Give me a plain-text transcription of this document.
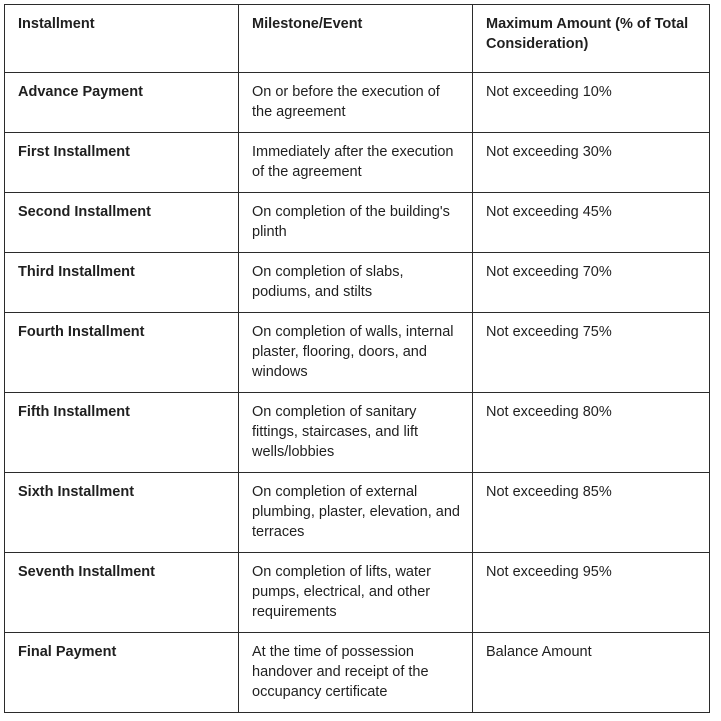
Installment	Milestone/Event	Maximum Amount (% of Total Consideration)
Advance Payment	On or before the execution of the agreement	Not exceeding 10%
First Installment	Immediately after the execution of the agreement	Not exceeding 30%
Second Installment	On completion of the building's plinth	Not exceeding 45%
Third Installment	On completion of slabs, podiums, and stilts	Not exceeding 70%
Fourth Installment	On completion of walls, internal plaster, flooring, doors, and windows	Not exceeding 75%
Fifth Installment	On completion of sanitary fittings, staircases, and lift wells/lobbies	Not exceeding 80%
Sixth Installment	On completion of external plumbing, plaster, elevation, and terraces	Not exceeding 85%
Seventh Installment	On completion of lifts, water pumps, electrical, and other requirements	Not exceeding 95%
Final Payment	At the time of possession handover and receipt of the occupancy certificate	Balance Amount
